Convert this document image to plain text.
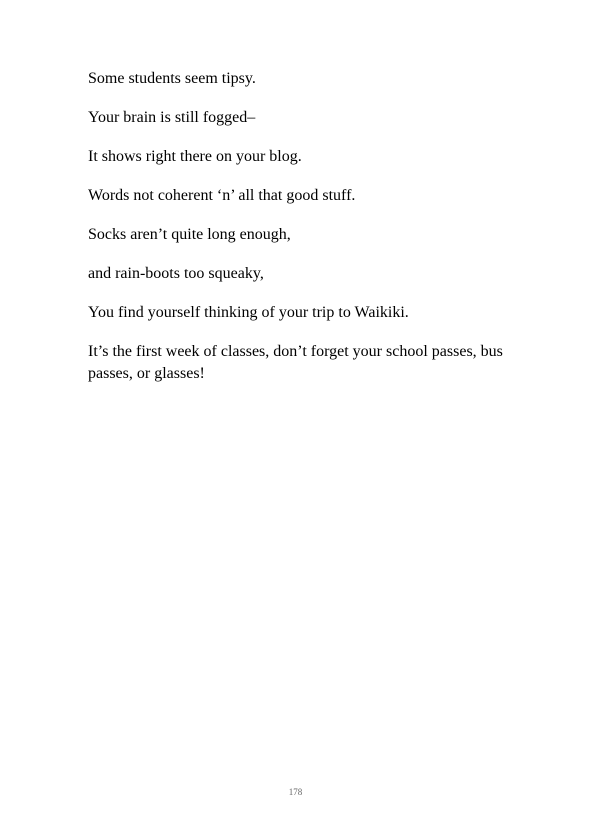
Some students seem tipsy.

Your brain is still fogged–

It shows right there on your blog.

Words not coherent ‘n’ all that good stuff.

Socks aren’t quite long enough,

and rain-boots too squeaky,

You find yourself thinking of your trip to Waikiki.

It’s the first week of classes, don’t forget your school passes, bus passes, or glasses!

178
